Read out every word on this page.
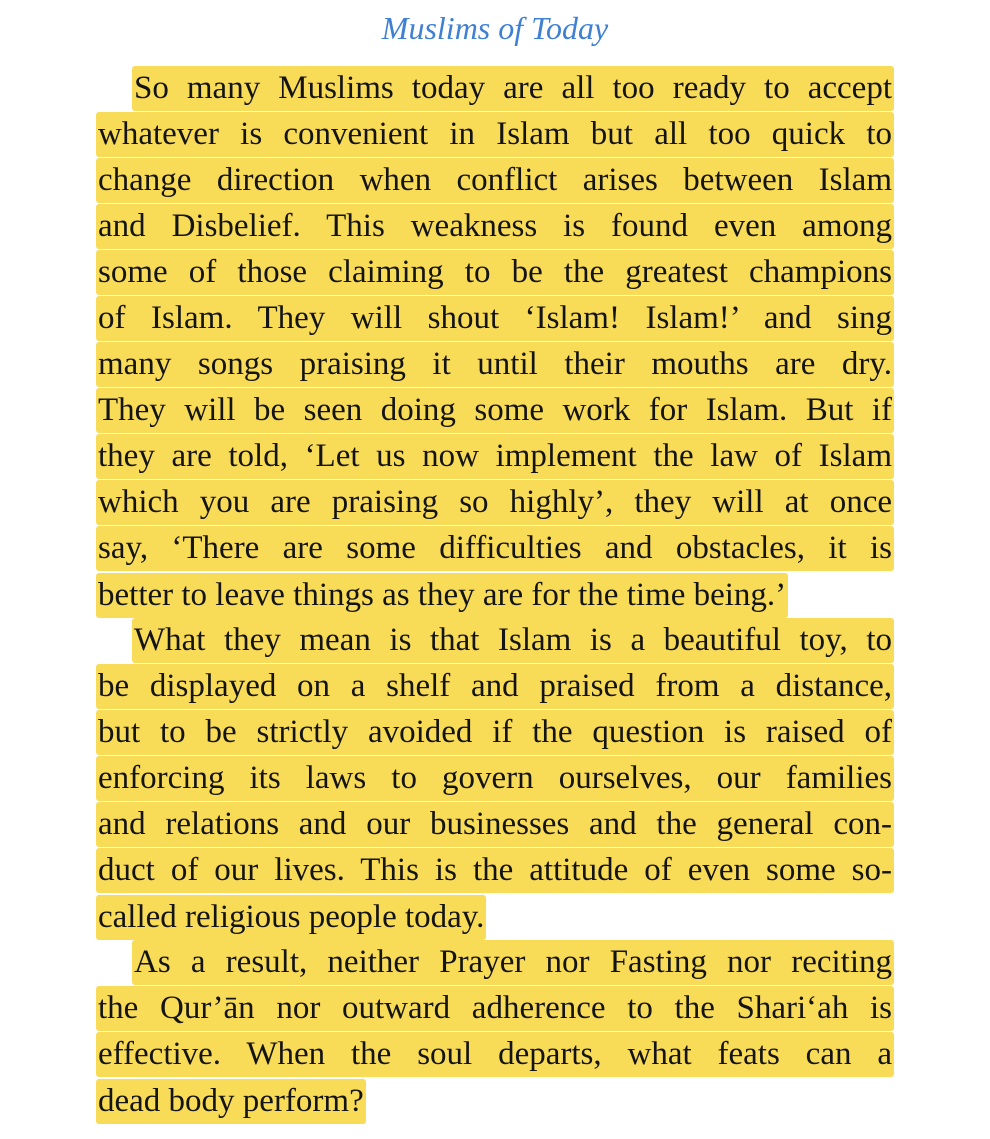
Muslims of Today
So many Muslims today are all too ready to accept
whatever is convenient in Islam but all too quick to
change direction when conflict arises between Islam
and Disbelief. This weakness is found even among
some of those claiming to be the greatest champions
of Islam. They will shout ‘Islam! Islam!’ and sing
many songs praising it until their mouths are dry.
They will be seen doing some work for Islam. But if
they are told, ‘Let us now implement the law of Islam
which you are praising so highly’, they will at once
say, ‘There are some difficulties and obstacles, it is
better to leave things as they are for the time being.’
What they mean is that Islam is a beautiful toy, to
be displayed on a shelf and praised from a distance,
but to be strictly avoided if the question is raised of
enforcing its laws to govern ourselves, our families
and relations and our businesses and the general con-
duct of our lives. This is the attitude of even some so-
called religious people today.
As a result, neither Prayer nor Fasting nor reciting
the Qur’ān nor outward adherence to the Shari‘ah is
effective. When the soul departs, what feats can a
dead body perform?
